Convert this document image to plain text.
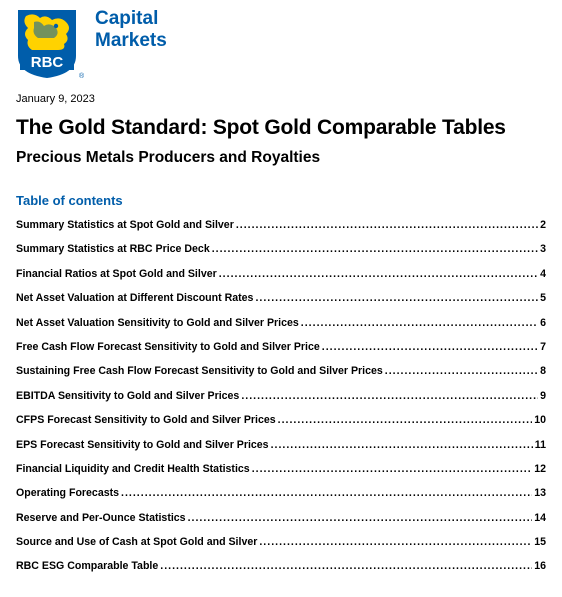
RBC
®
Capital
Markets
January 9, 2023
The Gold Standard: Spot Gold Comparable Tables
Precious Metals Producers and Royalties
Table of contents
Summary Statistics at Spot Gold and Silver .....	2
Summary Statistics at RBC Price Deck .....	3
Financial Ratios at Spot Gold and Silver .....	4
Net Asset Valuation at Different Discount Rates .....	5
Net Asset Valuation Sensitivity to Gold and Silver Prices .....	6
Free Cash Flow Forecast Sensitivity to Gold and Silver Price .....	7
Sustaining Free Cash Flow Forecast Sensitivity to Gold and Silver Prices .....	8
EBITDA Sensitivity to Gold and Silver Prices .....	9
CFPS Forecast Sensitivity to Gold and Silver Prices .....	10
EPS Forecast Sensitivity to Gold and Silver Prices .....	11
Financial Liquidity and Credit Health Statistics .....	12
Operating Forecasts .....	13
Reserve and Per-Ounce Statistics .....	14
Source and Use of Cash at Spot Gold and Silver .....	15
RBC ESG Comparable Table .....	16
